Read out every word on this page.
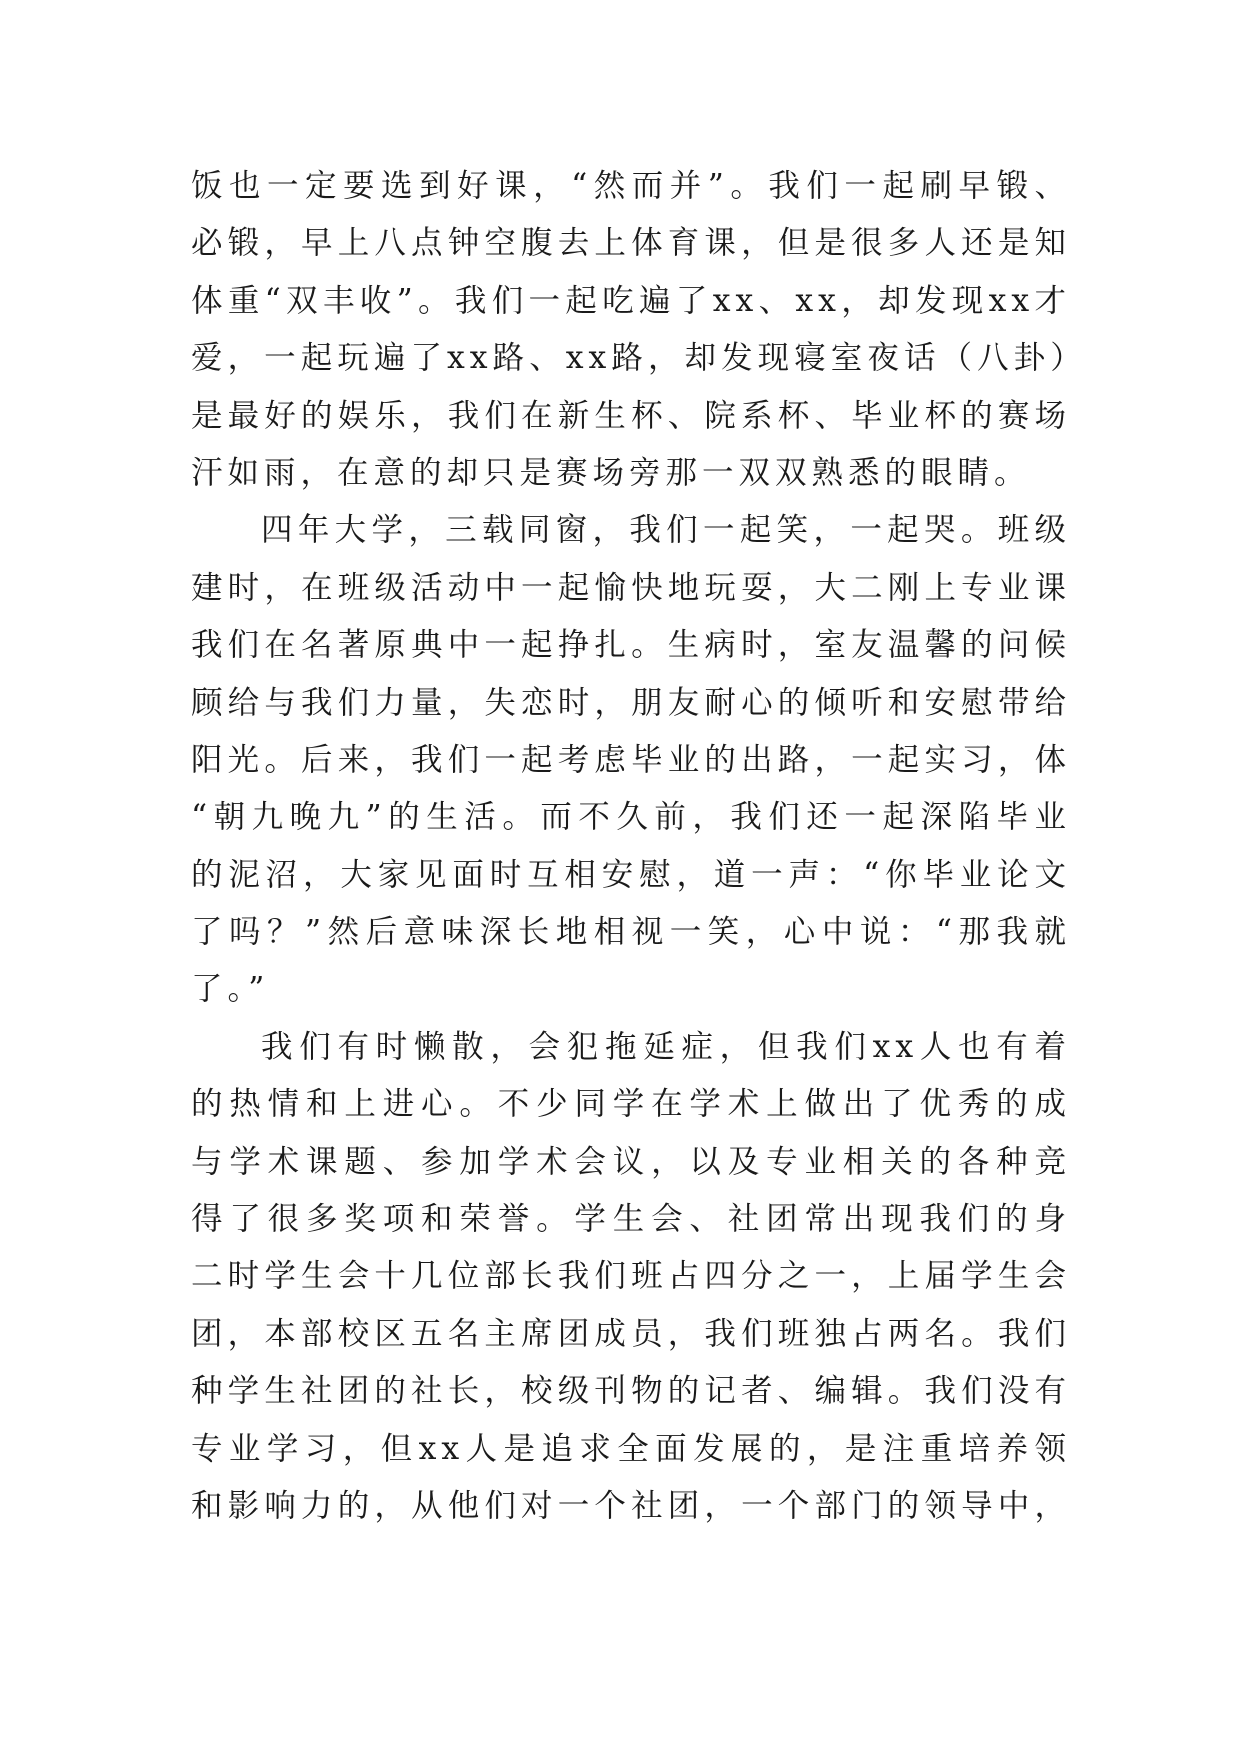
饭也一定要选到好课，“然而并”。我们一起刷早锻、
必锻，早上八点钟空腹去上体育课，但是很多人还是知
体重“双丰收”。我们一起吃遍了xx、xx，却发现xx才
爱，一起玩遍了xx路、xx路，却发现寝室夜话（八卦）
是最好的娱乐，我们在新生杯、院系杯、毕业杯的赛场
汗如雨，在意的却只是赛场旁那一双双熟悉的眼睛。
四年大学，三载同窗，我们一起笑，一起哭。班级
建时，在班级活动中一起愉快地玩耍，大二刚上专业课
我们在名著原典中一起挣扎。生病时，室友温馨的问候
顾给与我们力量，失恋时，朋友耐心的倾听和安慰带给
阳光。后来，我们一起考虑毕业的出路，一起实习，体
“朝九晚九”的生活。而不久前，我们还一起深陷毕业
的泥沼，大家见面时互相安慰，道一声：“你毕业论文
了吗？”然后意味深长地相视一笑，心中说：“那我就
了。”
我们有时懒散，会犯拖延症，但我们xx人也有着
的热情和上进心。不少同学在学术上做出了优秀的成
与学术课题、参加学术会议，以及专业相关的各种竞
得了很多奖项和荣誉。学生会、社团常出现我们的身
二时学生会十几位部长我们班占四分之一，上届学生会
团，本部校区五名主席团成员，我们班独占两名。我们
种学生社团的社长，校级刊物的记者、编辑。我们没有
专业学习，但xx人是追求全面发展的，是注重培养领
和影响力的，从他们对一个社团，一个部门的领导中，
